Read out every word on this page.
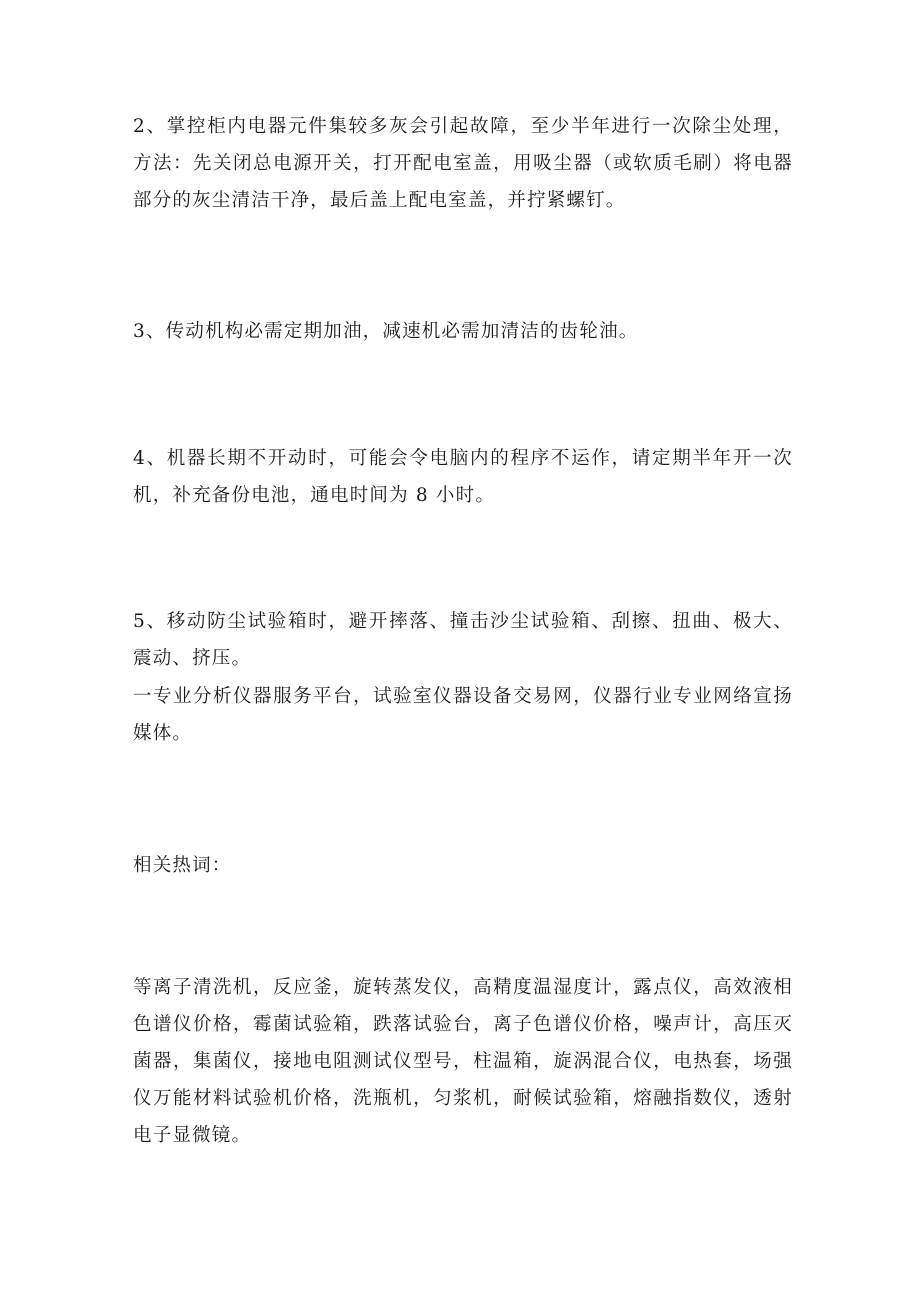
2、掌控柜内电器元件集较多灰会引起故障，至少半年进行一次除尘处理，方法：先关闭总电源开关，打开配电室盖，用吸尘器（或软质毛刷）将电器部分的灰尘清洁干净，最后盖上配电室盖，并拧紧螺钉。

3、传动机构必需定期加油，减速机必需加清洁的齿轮油。

4、机器长期不开动时，可能会令电脑内的程序不运作，请定期半年开一次机，补充备份电池，通电时间为 8 小时。

5、移动防尘试验箱时，避开摔落、撞击沙尘试验箱、刮擦、扭曲、极大、震动、挤压。

一专业分析仪器服务平台，试验室仪器设备交易网，仪器行业专业网络宣扬媒体。

相关热词：

等离子清洗机，反应釜，旋转蒸发仪，高精度温湿度计，露点仪，高效液相色谱仪价格，霉菌试验箱，跌落试验台，离子色谱仪价格，噪声计，高压灭菌器，集菌仪，接地电阻测试仪型号，柱温箱，旋涡混合仪，电热套，场强仪万能材料试验机价格，洗瓶机，匀浆机，耐候试验箱，熔融指数仪，透射电子显微镜。
